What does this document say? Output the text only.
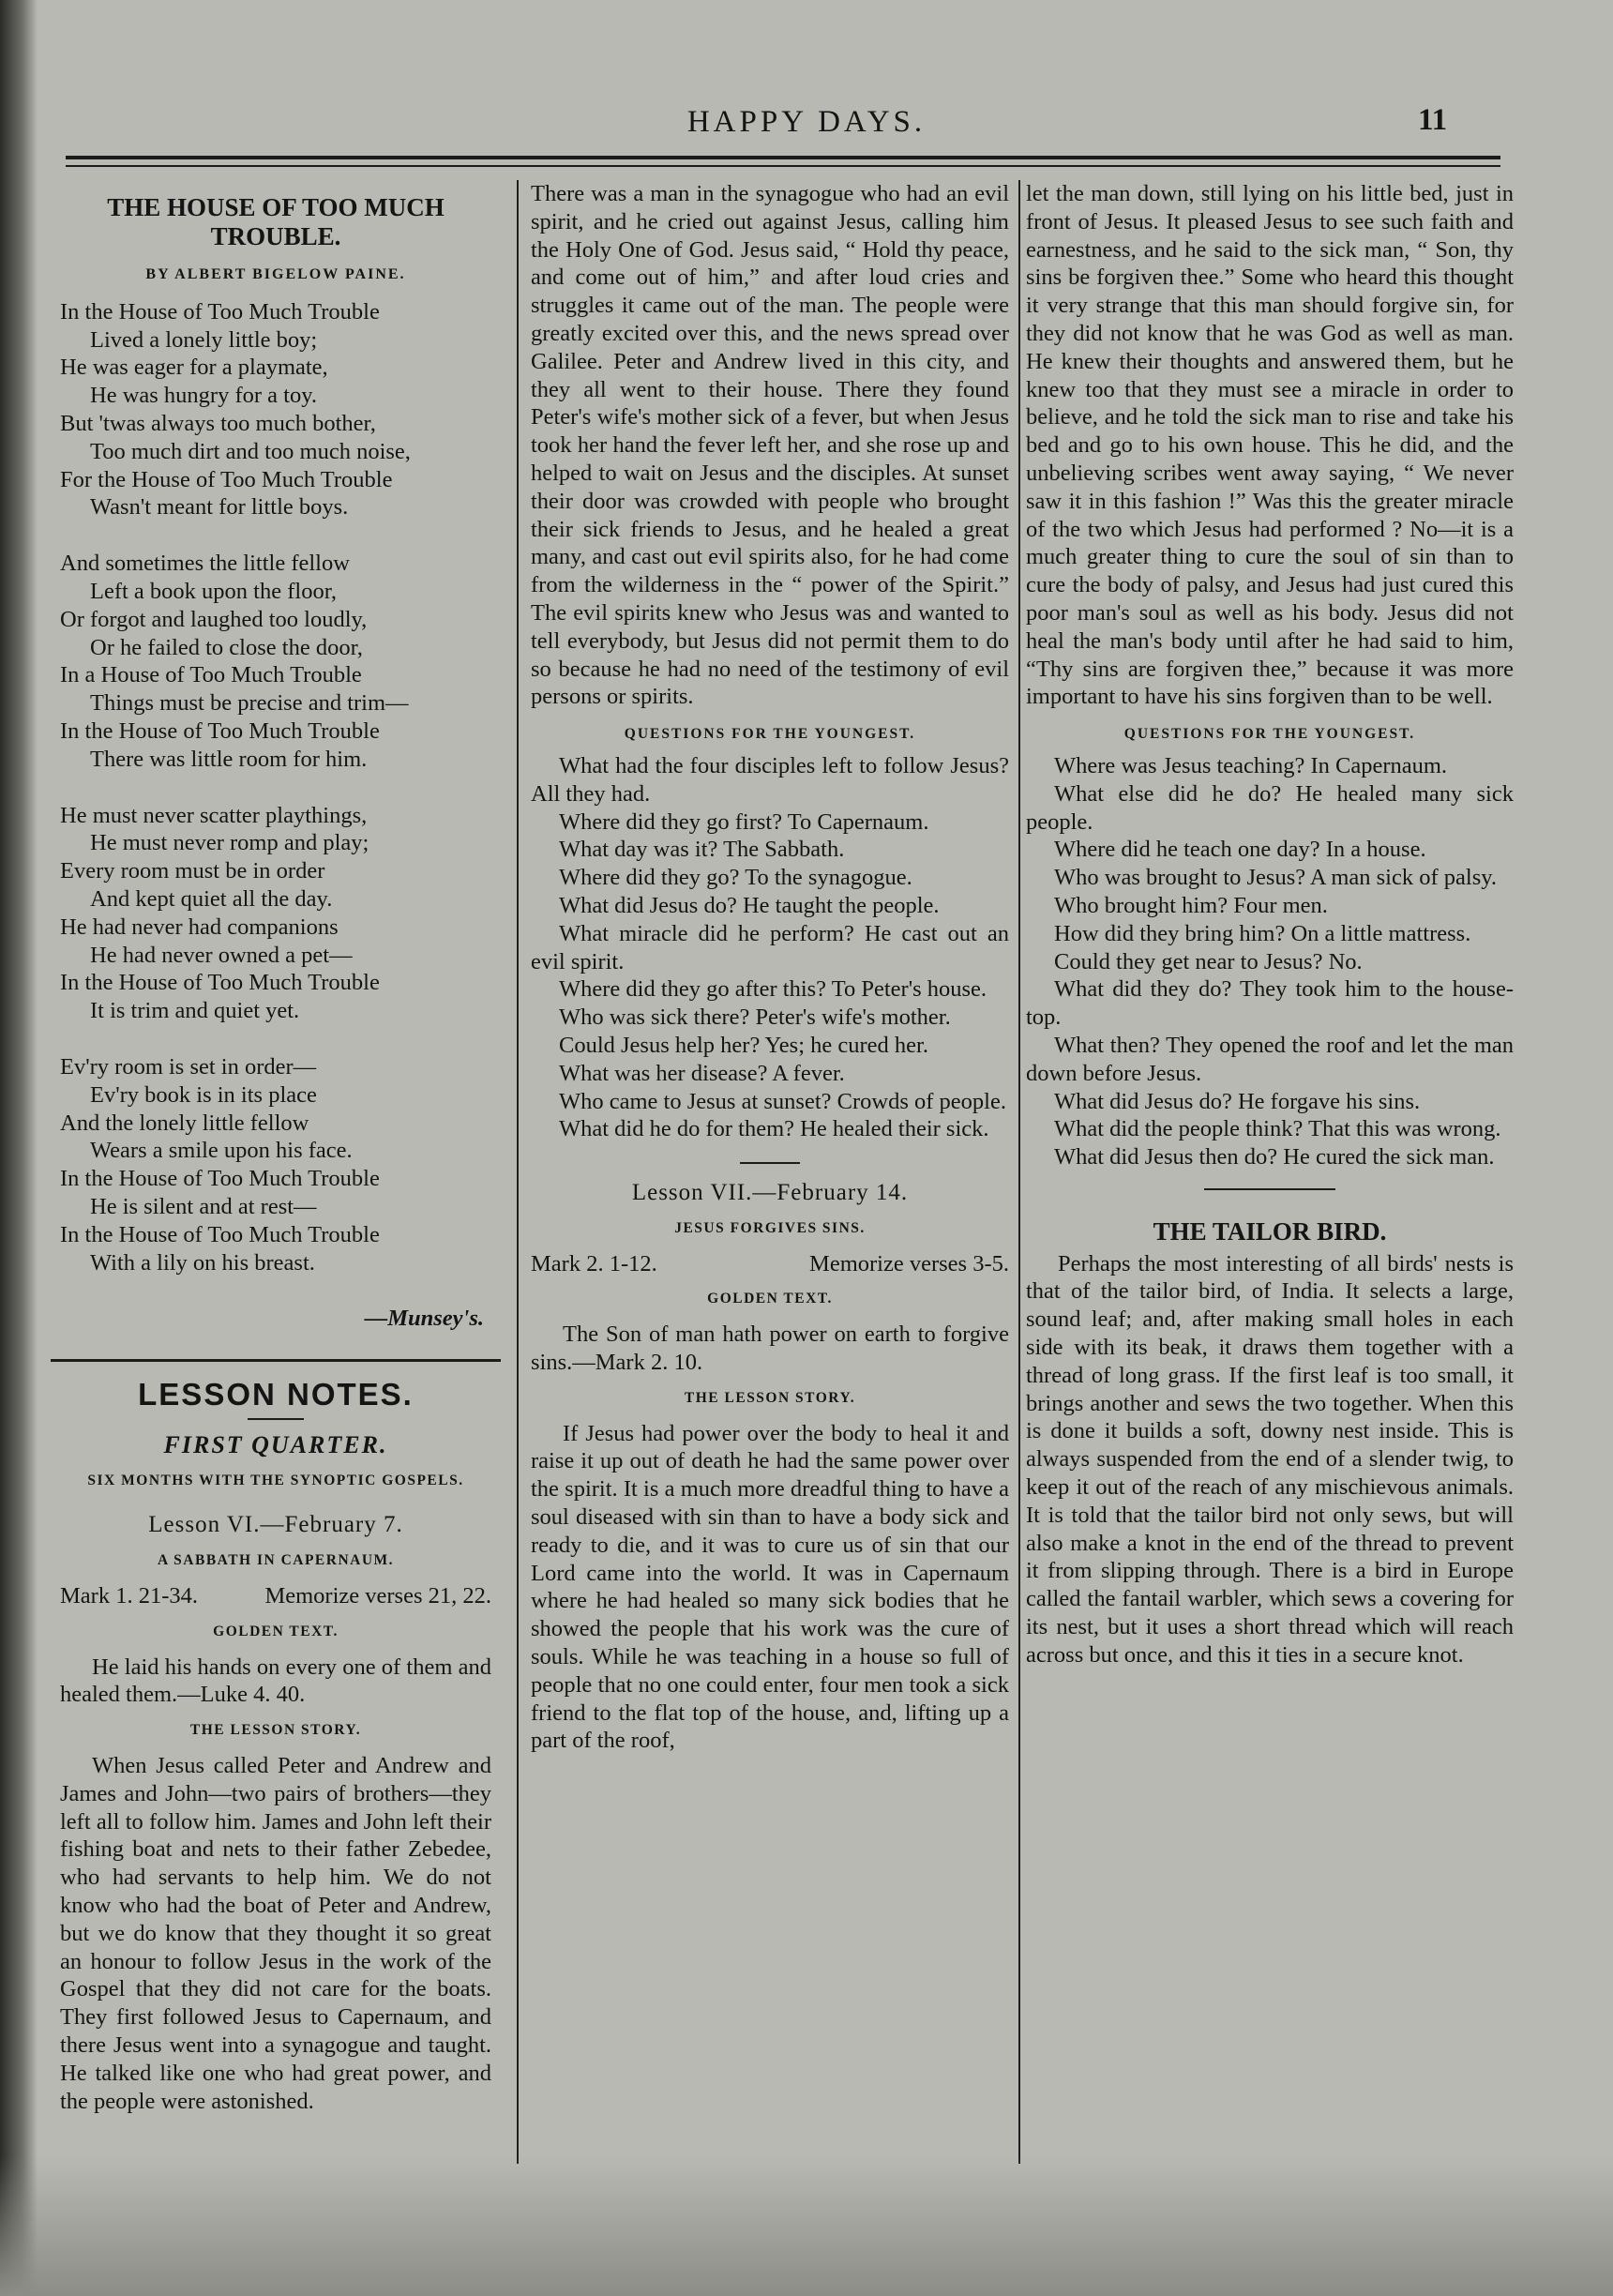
HAPPY DAYS.	11
THE HOUSE OF TOO MUCH
TROUBLE.
BY ALBERT BIGELOW PAINE.

In the House of Too Much Trouble

Lived a lonely little boy;

He was eager for a playmate,

He was hungry for a toy.

But 'twas always too much bother,

Too much dirt and too much noise,

For the House of Too Much Trouble

Wasn't meant for little boys.

And sometimes the little fellow

Left a book upon the floor,

Or forgot and laughed too loudly,

Or he failed to close the door,

In a House of Too Much Trouble

Things must be precise and trim—

In the House of Too Much Trouble

There was little room for him.

He must never scatter playthings,

He must never romp and play;

Every room must be in order

And kept quiet all the day.

He had never had companions

He had never owned a pet—

In the House of Too Much Trouble

It is trim and quiet yet.

Ev'ry room is set in order—

Ev'ry book is in its place

And the lonely little fellow

Wears a smile upon his face.

In the House of Too Much Trouble

He is silent and at rest—

In the House of Too Much Trouble

With a lily on his breast.

—Munsey's.
LESSON NOTES.
FIRST QUARTER.
SIX MONTHS WITH THE SYNOPTIC GOSPELS.
Lesson VI.—February 7.
A SABBATH IN CAPERNAUM.
Mark 1. 21-34.	Memorize verses 21, 22.
GOLDEN TEXT.

He laid his hands on every one of them and healed them.—Luke 4. 40.

THE LESSON STORY.

When Jesus called Peter and Andrew and James and John—two pairs of brothers—they left all to follow him. James and John left their fishing boat and nets to their father Zebedee, who had servants to help him. We do not know who had the boat of Peter and Andrew, but we do know that they thought it so great an honour to follow Jesus in the work of the Gospel that they did not care for the boats. They first followed Jesus to Capernaum, and there Jesus went into a synagogue and taught. He talked like one who had great power, and the people were astonished.

There was a man in the synagogue who had an evil spirit, and he cried out against Jesus, calling him the Holy One of God. Jesus said, “ Hold thy peace, and come out of him,” and after loud cries and struggles it came out of the man. The people were greatly excited over this, and the news spread over Galilee. Peter and Andrew lived in this city, and they all went to their house. There they found Peter's wife's mother sick of a fever, but when Jesus took her hand the fever left her, and she rose up and helped to wait on Jesus and the disciples. At sunset their door was crowded with people who brought their sick friends to Jesus, and he healed a great many, and cast out evil spirits also, for he had come from the wilderness in the “ power of the Spirit.” The evil spirits knew who Jesus was and wanted to tell everybody, but Jesus did not permit them to do so because he had no need of the testimony of evil persons or spirits.

QUESTIONS FOR THE YOUNGEST.

What had the four disciples left to follow Jesus? All they had.

Where did they go first? To Capernaum.

What day was it? The Sabbath.

Where did they go? To the synagogue.

What did Jesus do? He taught the people.

What miracle did he perform? He cast out an evil spirit.

Where did they go after this? To Peter's house.

Who was sick there? Peter's wife's mother.

Could Jesus help her? Yes; he cured her.

What was her disease? A fever.

Who came to Jesus at sunset? Crowds of people.

What did he do for them? He healed their sick.

Lesson VII.—February 14.
JESUS FORGIVES SINS.
Mark 2. 1-12.	Memorize verses 3-5.
GOLDEN TEXT.

The Son of man hath power on earth to forgive sins.—Mark 2. 10.

THE LESSON STORY.

If Jesus had power over the body to heal it and raise it up out of death he had the same power over the spirit. It is a much more dreadful thing to have a soul diseased with sin than to have a body sick and ready to die, and it was to cure us of sin that our Lord came into the world. It was in Capernaum where he had healed so many sick bodies that he showed the people that his work was the cure of souls. While he was teaching in a house so full of people that no one could enter, four men took a sick friend to the flat top of the house, and, lifting up a part of the roof,

let the man down, still lying on his little bed, just in front of Jesus. It pleased Jesus to see such faith and earnestness, and he said to the sick man, “ Son, thy sins be forgiven thee.” Some who heard this thought it very strange that this man should forgive sin, for they did not know that he was God as well as man. He knew their thoughts and answered them, but he knew too that they must see a miracle in order to believe, and he told the sick man to rise and take his bed and go to his own house. This he did, and the unbelieving scribes went away saying, “ We never saw it in this fashion !” Was this the greater miracle of the two which Jesus had performed ? No—it is a much greater thing to cure the soul of sin than to cure the body of palsy, and Jesus had just cured this poor man's soul as well as his body. Jesus did not heal the man's body until after he had said to him, “Thy sins are forgiven thee,” because it was more important to have his sins forgiven than to be well.

QUESTIONS FOR THE YOUNGEST.

Where was Jesus teaching? In Capernaum.

What else did he do? He healed many sick people.

Where did he teach one day? In a house.

Who was brought to Jesus? A man sick of palsy.

Who brought him? Four men.

How did they bring him? On a little mattress.

Could they get near to Jesus? No.

What did they do? They took him to the house-top.

What then? They opened the roof and let the man down before Jesus.

What did Jesus do? He forgave his sins.

What did the people think? That this was wrong.

What did Jesus then do? He cured the sick man.

THE TAILOR BIRD.

Perhaps the most interesting of all birds' nests is that of the tailor bird, of India. It selects a large, sound leaf; and, after making small holes in each side with its beak, it draws them together with a thread of long grass. If the first leaf is too small, it brings another and sews the two together. When this is done it builds a soft, downy nest inside. This is always suspended from the end of a slender twig, to keep it out of the reach of any mischievous animals. It is told that the tailor bird not only sews, but will also make a knot in the end of the thread to prevent it from slipping through. There is a bird in Europe called the fantail warbler, which sews a covering for its nest, but it uses a short thread which will reach across but once, and this it ties in a secure knot.
